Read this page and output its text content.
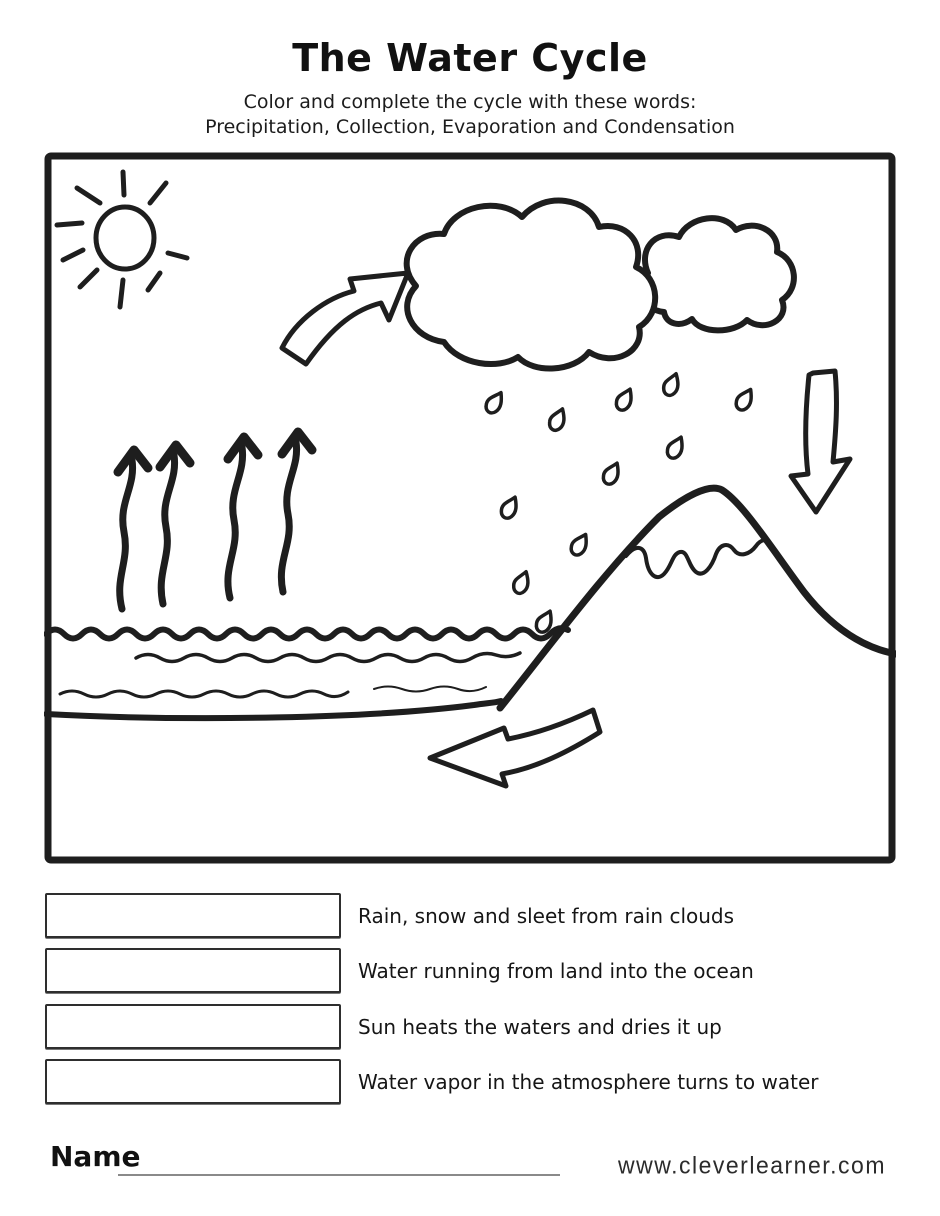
The Water Cycle

Color and complete the cycle with these words:

Precipitation, Collection, Evaporation and Condensation

Rain, snow and sleet from rain clouds
Water running from land into the ocean
Sun heats the waters and dries it up
Water vapor in the atmosphere turns to water
Name	www.cleverlearner.com
